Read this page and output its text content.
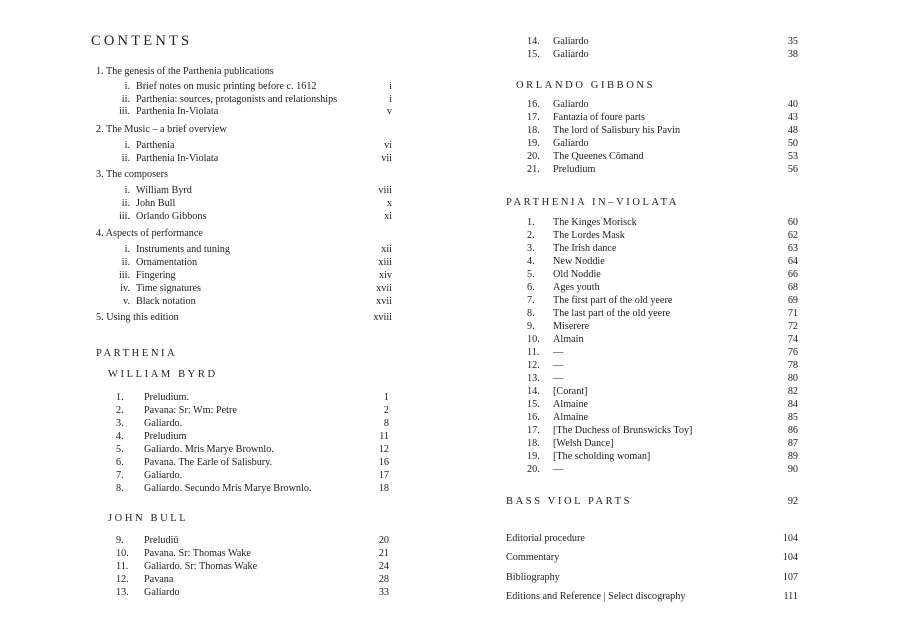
CONTENTS
1. The genesis of the Parthenia publications
i. Brief notes on music printing before c. 1612	i
ii. Parthenia: sources, protagonists and relationships	i
iii. Parthenia In-Violata	v
2. The Music – a brief overview
i. Parthenia	vi
ii. Parthenia In-Violata	vii
3. The composers
i. William Byrd	viii
ii. John Bull	x
iii. Orlando Gibbons	xi
4. Aspects of performance
i. Instruments and tuning	xii
ii. Ornamentation	xiii
iii. Fingering	xiv
iv. Time signatures	xvii
v. Black notation	xvii
5. Using this edition	xviii
PARTHENIA
WILLIAM BYRD
1. Preludium.	1
2. Pavana: Sr: Wm: Petre	2
3. Galiardo.	8
4. Preludium	11
5. Galiardo. Mris Marye Brownlo.	12
6. Pavana. The Earle of Salisbury.	16
7. Galiardo.	17
8. Galiardo. Secundo Mris Marye Brownlo.	18
JOHN BULL
9. Preludiū	20
10. Pavana. Sr: Thomas Wake	21
11. Galiardo. Sr: Thomas Wake	24
12. Pavana	28
13. Galiardo	33
14. Galiardo	35
15. Galiardo	38
ORLANDO GIBBONS
16. Galiardo	40
17. Fantazia of foure parts	43
18. The lord of Salisbury his Pavin	48
19. Galiardo	50
20. The Queenes Cōmand	53
21. Preludium	56
PARTHENIA IN–VIOLATA
1. The Kinges Morisck	60
2. The Lordes Mask	62
3. The Irish dance	63
4. New Noddie	64
5. Old Noddie	66
6. Ages youth	68
7. The first part of the old yeere	69
8. The last part of the old yeere	71
9. Miserere	72
10. Almain	74
11. —	76
12. —	78
13. —	80
14. [Corant]	82
15. Almaine	84
16. Almaine	85
17. [The Duchess of Brunswicks Toy]	86
18. [Welsh Dance]	87
19. [The scholding woman]	89
20. —	90
BASS VIOL PARTS	92
Editorial procedure	104
Commentary	104
Bibliography	107
Editions and Reference | Select discography	111
